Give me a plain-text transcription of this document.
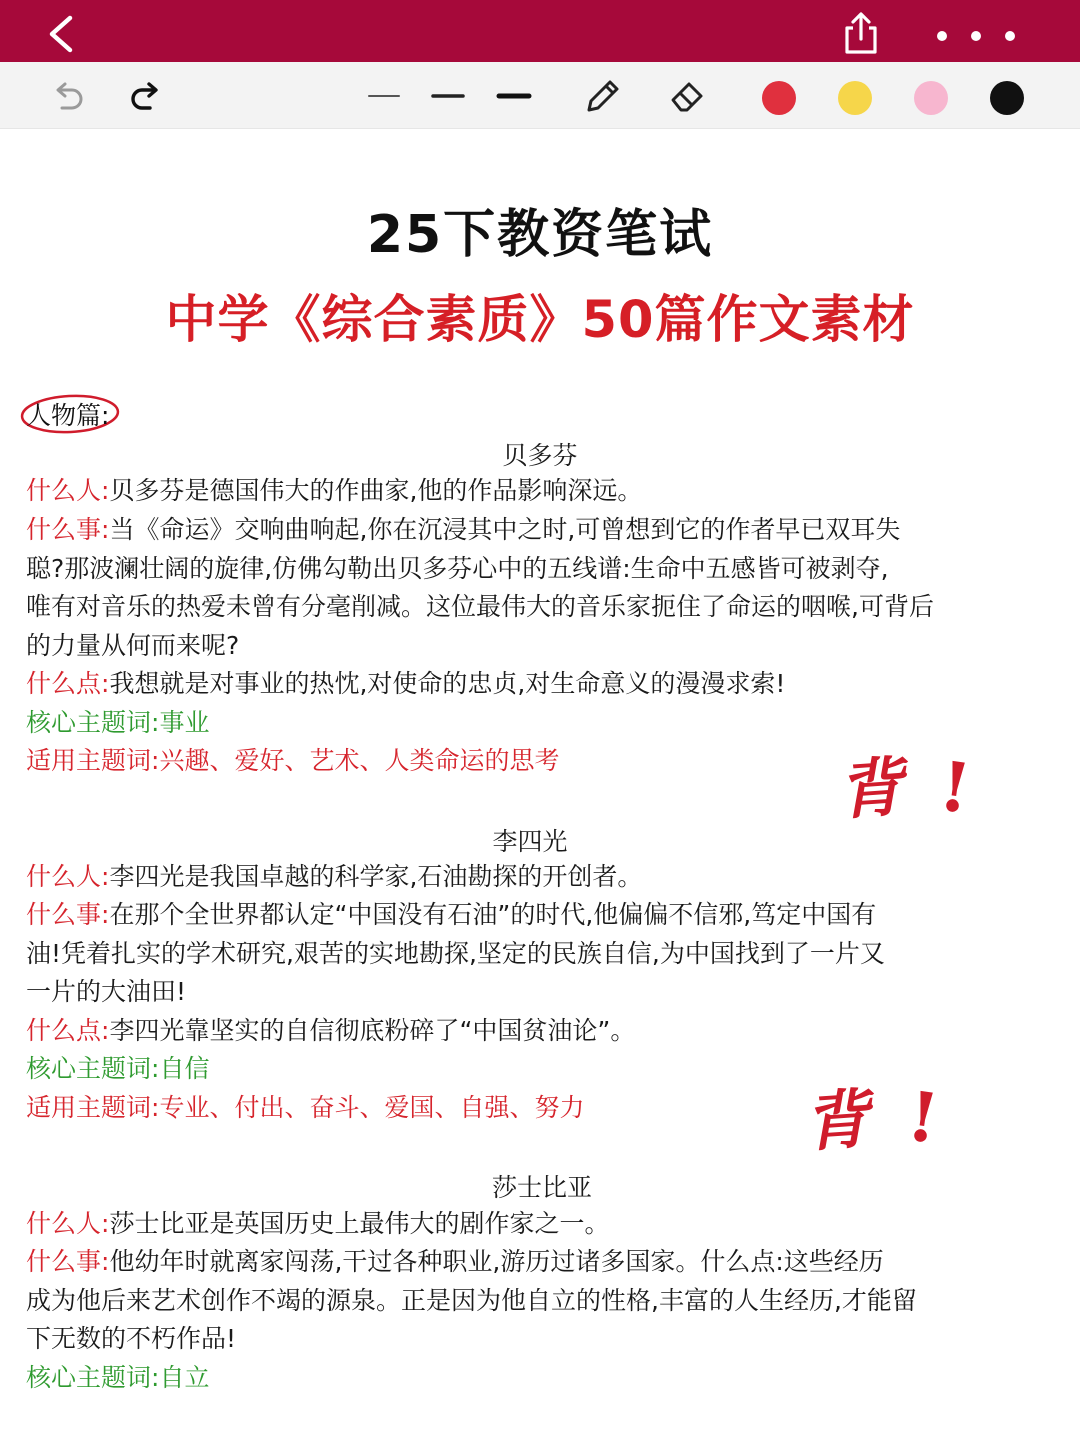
25下教资笔试
中学《综合素质》50篇作文素材
人物篇:
贝多芬

什么人:贝多芬是德国伟大的作曲家,他的作品影响深远。

什么事:当《命运》交响曲响起,你在沉浸其中之时,可曾想到它的作者早已双耳失
聪?那波澜壮阔的旋律,仿佛勾勒出贝多芬心中的五线谱:生命中五感皆可被剥夺,
唯有对音乐的热爱未曾有分毫削减。这位最伟大的音乐家扼住了命运的咽喉,可背后
的力量从何而来呢?

什么点:我想就是对事业的热忱,对使命的忠贞,对生命意义的漫漫求索!

核心主题词:事业

适用主题词:兴趣、爱好、艺术、人类命运的思考	背 !
李四光

什么人:李四光是我国卓越的科学家,石油勘探的开创者。

什么事:在那个全世界都认定“中国没有石油”的时代,他偏偏不信邪,笃定中国有
油!凭着扎实的学术研究,艰苦的实地勘探,坚定的民族自信,为中国找到了一片又
一片的大油田!

什么点:李四光靠坚实的自信彻底粉碎了“中国贫油论”。

核心主题词:自信

适用主题词:专业、付出、奋斗、爱国、自强、努力	背 !
莎士比亚

什么人:莎士比亚是英国历史上最伟大的剧作家之一。

什么事:他幼年时就离家闯荡,干过各种职业,游历过诸多国家。什么点:这些经历
成为他后来艺术创作不竭的源泉。正是因为他自立的性格,丰富的人生经历,才能留
下无数的不朽作品!

核心主题词:自立
